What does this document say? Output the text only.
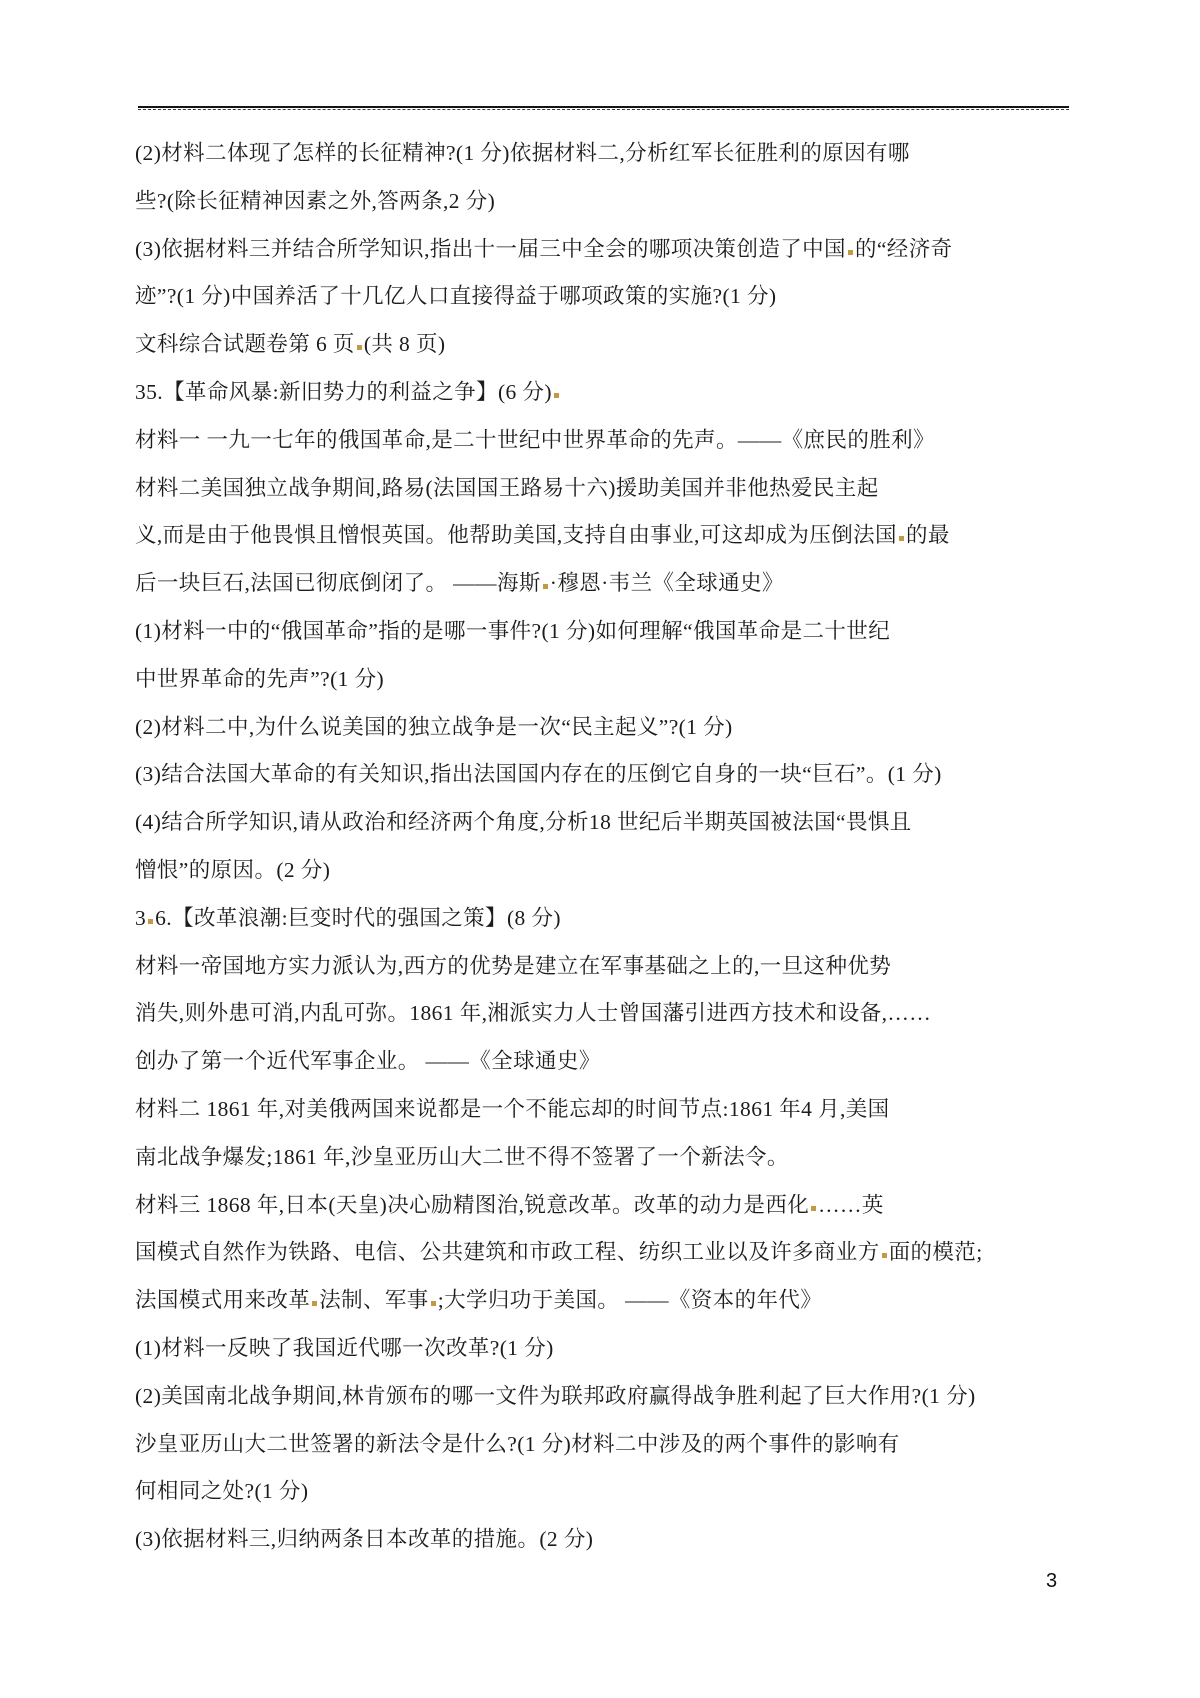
(2)材料二体现了怎样的长征精神?(1 分)依据材料二,分析红军长征胜利的原因有哪
些?(除长征精神因素之外,答两条,2 分)
(3)依据材料三并结合所学知识,指出十一届三中全会的哪项决策创造了中国 的“经济奇
迹”?(1 分)中国养活了十几亿人口直接得益于哪项政策的实施?(1 分)
文科综合试题卷第 6 页 (共 8 页)
35.【革命风暴:新旧势力的利益之争】(6 分)
材料一 一九一七年的俄国革命,是二十世纪中世界革命的先声。——《庶民的胜利》
材料二美国独立战争期间,路易(法国国王路易十六)援助美国并非他热爱民主起
义,而是由于他畏惧且憎恨英国。他帮助美国,支持自由事业,可这却成为压倒法国 的最
后一块巨石,法国已彻底倒闭了。 ——海斯 ·穆恩·韦兰《全球通史》
(1)材料一中的“俄国革命”指的是哪一事件?(1 分)如何理解“俄国革命是二十世纪
中世界革命的先声”?(1 分)
(2)材料二中,为什么说美国的独立战争是一次“民主起义”?(1 分)
(3)结合法国大革命的有关知识,指出法国国内存在的压倒它自身的一块“巨石”。(1 分)
(4)结合所学知识,请从政治和经济两个角度,分析18 世纪后半期英国被法国“畏惧且
憎恨”的原因。(2 分)
3 6.【改革浪潮:巨变时代的强国之策】(8 分)
材料一帝国地方实力派认为,西方的优势是建立在军事基础之上的,一旦这种优势
消失,则外患可消,内乱可弥。1861 年,湘派实力人士曾国藩引进西方技术和设备,……
创办了第一个近代军事企业。 ——《全球通史》
材料二 1861 年,对美俄两国来说都是一个不能忘却的时间节点:1861 年4 月,美国
南北战争爆发;1861 年,沙皇亚历山大二世不得不签署了一个新法令。
材料三 1868 年,日本(天皇)决心励精图治,锐意改革。改革的动力是西化 ……英
国模式自然作为铁路、电信、公共建筑和市政工程、纺织工业以及许多商业方 面的模范;
法国模式用来改革 法制、军事 ;大学归功于美国。 ——《资本的年代》
(1)材料一反映了我国近代哪一次改革?(1 分)
(2)美国南北战争期间,林肯颁布的哪一文件为联邦政府赢得战争胜利起了巨大作用?(1 分)
沙皇亚历山大二世签署的新法令是什么?(1 分)材料二中涉及的两个事件的影响有
何相同之处?(1 分)
(3)依据材料三,归纳两条日本改革的措施。(2 分)
3
